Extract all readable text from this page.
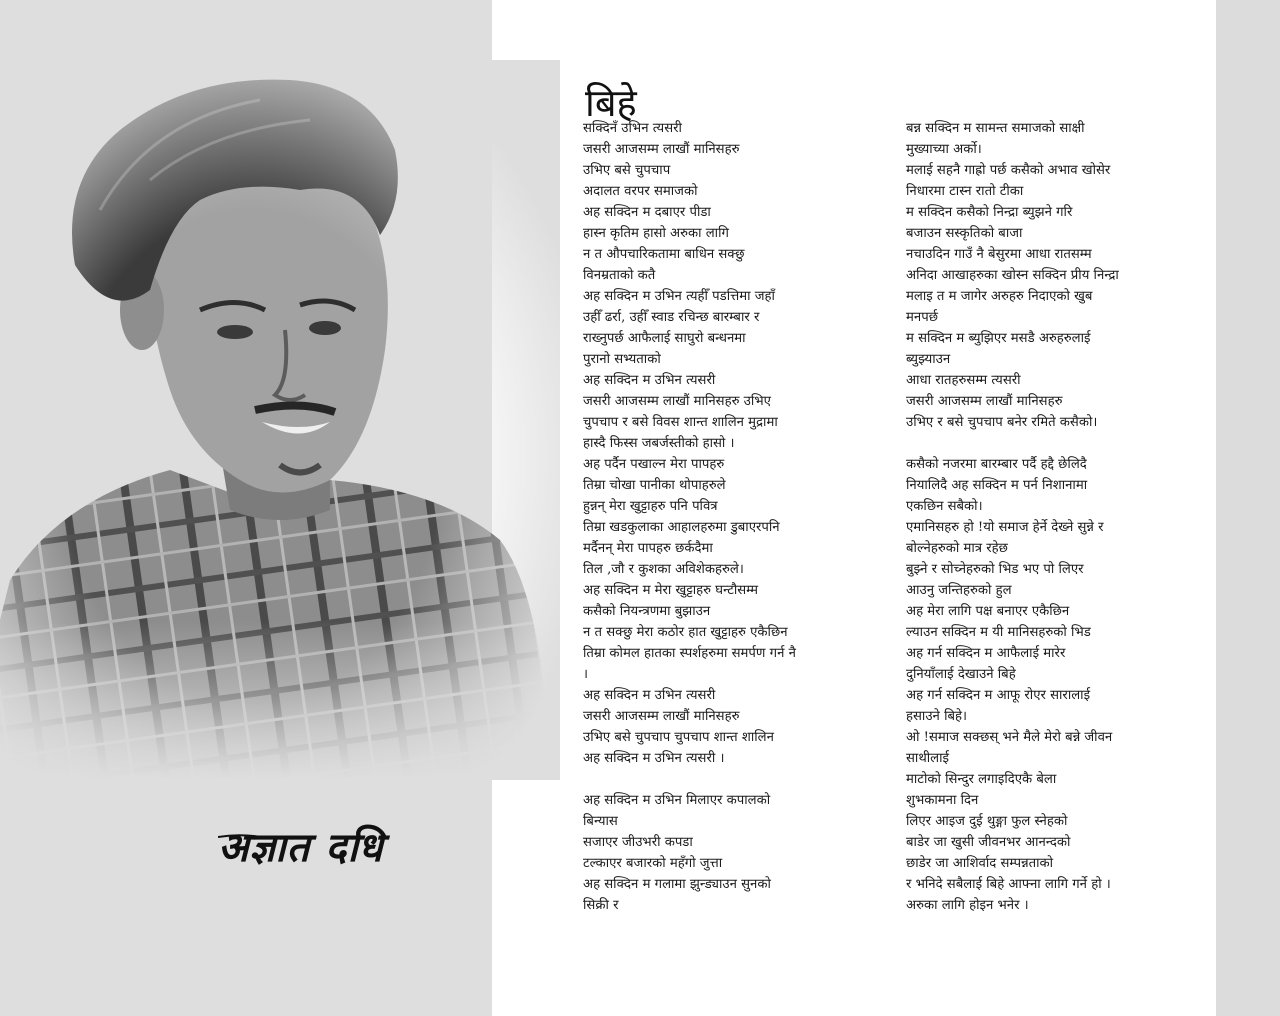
अज्ञात दधि
बिहे
सक्दिनँ उभिन त्यसरी
जसरी आजसम्म लाखौं मानिसहरु
उभिए बसे चुपचाप
अदालत वरपर समाजको
अह सक्दिन म दबाएर पीडा
हास्न कृतिम हासो अरुका लागि
न त औपचारिकतामा बाधिन सक्छु
विनम्रताको कतै
अह सक्दिन म उभिन त्यहीँ पडत्तिमा जहाँ
उहीँ ढर्रा, उहीँ स्वाड रचिन्छ बारम्बार र
राख्नुपर्छ आफैलाई साघुरो बन्धनमा
पुरानो सभ्यताको
अह सक्दिन म उभिन त्यसरी
जसरी आजसम्म लाखौं मानिसहरु उभिए
चुपचाप र बसे विवस शान्त शालिन मुद्रामा
हास्दै फिस्स जबर्जस्तीको हासो ।
अह पर्दैन पखाल्न मेरा पापहरु
तिम्रा चोखा पानीका थोपाहरुले
हुन्नन् मेरा खुट्टाहरु पनि पवित्र
तिम्रा खडकुलाका आहालहरुमा डुबाएरपनि
मर्दैनन् मेरा पापहरु छर्कदैमा
तिल ,जौ र कुशका अविशेकहरुले।
अह सक्दिन म मेरा खुट्टाहरु घन्टौसम्म
कसैको नियन्त्रणमा बुझाउन
न त सक्छु मेरा कठोर हात खुट्टाहरु एकैछिन
तिम्रा कोमल हातका स्पर्शहरुमा समर्पण गर्न नै
।
अह सक्दिन म उभिन त्यसरी
जसरी आजसम्म लाखौं मानिसहरु
उभिए बसे चुपचाप चुपचाप शान्त शालिन
अह सक्दिन म उभिन त्यसरी ।
अह सक्दिन म उभिन मिलाएर कपालको
बिन्यास
सजाएर जीउभरी कपडा
टल्काएर बजारको महँगो जुत्ता
अह सक्दिन म गलामा झुन्ड्याउन सुनको
सिक्री र
बन्न सक्दिन म सामन्त समाजको साक्षी
मुख्याच्या अर्को।
मलाई सहनै गाह्रो पर्छ कसैको अभाव खोसेर
निधारमा टास्न रातो टीका
म सक्दिन कसैको निन्द्रा ब्युझने गरि
बजाउन सस्कृतिको बाजा
नचाउदिन गाउँ नै बेसुरमा आधा रातसम्म
अनिदा आखाहरुका खोस्न सक्दिन प्रीय निन्द्रा
मलाइ त म जागेर अरुहरु निदाएको खुब
मनपर्छ
म सक्दिन म ब्युझिएर मसडै अरुहरुलाई
ब्युझ्याउन
आधा रातहरुसम्म त्यसरी
जसरी आजसम्म लाखौं मानिसहरु
उभिए र बसे चुपचाप बनेर रमिते कसैको।
कसैको नजरमा बारम्बार पर्दै हद्दै छेलिदै
नियालिदै अह सक्दिन म पर्न निशानामा
एकछिन सबैको।
एमानिसहरु हो !यो समाज हेर्ने देख्ने सुन्ने र
बोल्नेहरुको मात्र रहेछ
बुझ्ने र सोच्नेहरुको भिड भए पो लिएर
आउनु जन्तिहरुको हुल
अह मेरा लागि पक्ष बनाएर एकैछिन
ल्याउन सक्दिन म यी मानिसहरुको भिड
अह गर्न सक्दिन म आफैलाई मारेर
दुनियाँलाई देखाउने बिहे
अह गर्न सक्दिन म आफू रोएर सारालाई
हसाउने बिहे।
ओ !समाज सक्छस् भने मैले मेरो बन्ने जीवन
साथीलाई
माटोको सिन्दुर लगाइदिएकै बेला
शुभकामना दिन
लिएर आइज दुई थुङ्गा फुल स्नेहको
बाडेर जा खुसी जीवनभर आनन्दको
छाडेर जा आशिर्वाद सम्पन्नताको
र भनिदे सबैलाई बिहे आफ्ना लागि गर्ने हो ।
अरुका लागि होइन भनेर ।
